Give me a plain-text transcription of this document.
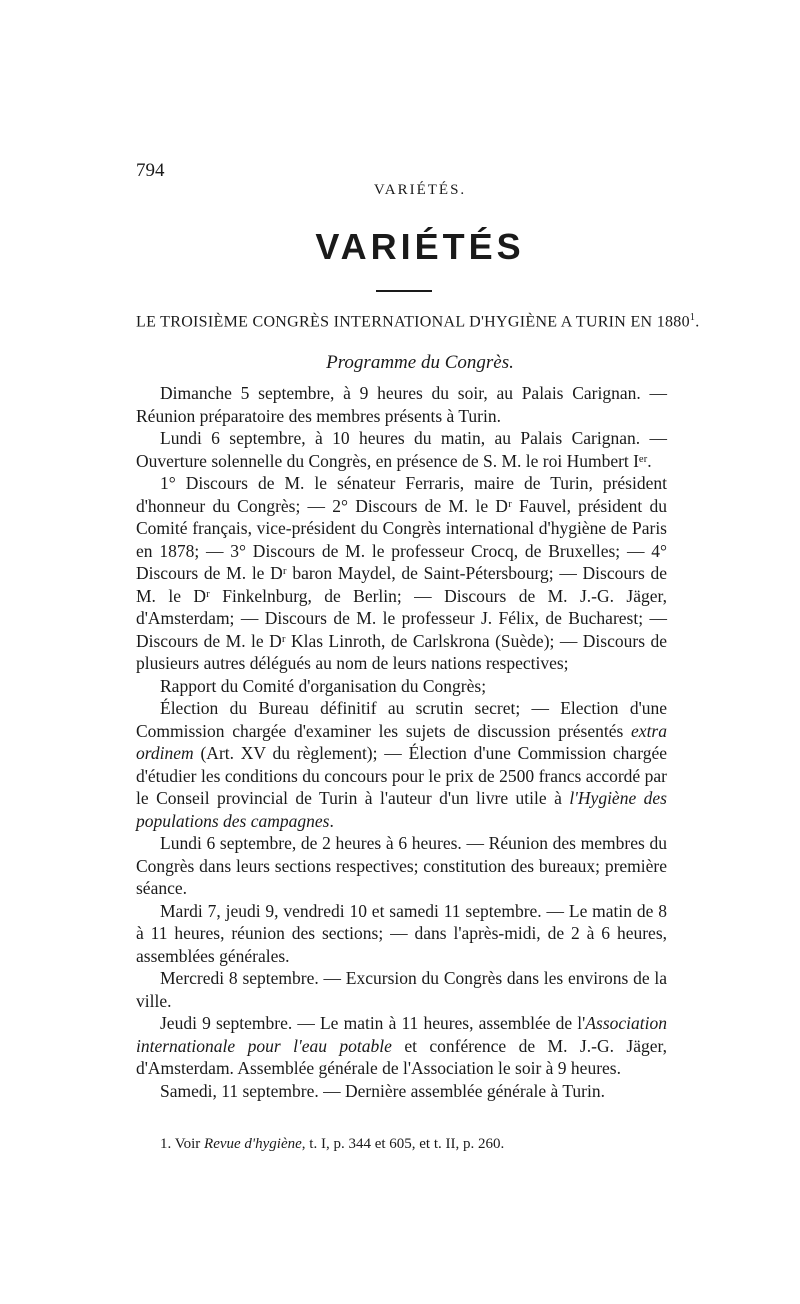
794
VARIÉTÉS.
VARIÉTÉS
LE TROISIÈME CONGRÈS INTERNATIONAL D'HYGIÈNE A TURIN EN 1880$^1$.
Programme du Congrès.

Dimanche 5 septembre, à 9 heures du soir, au Palais Carignan. — Réunion préparatoire des membres présents à Turin.

Lundi 6 septembre, à 10 heures du matin, au Palais Carignan. — Ouverture solennelle du Congrès, en présence de S. M. le roi Humbert Iᵉʳ.

1° Discours de M. le sénateur Ferraris, maire de Turin, président d'honneur du Congrès; — 2° Discours de M. le Dʳ Fauvel, président du Comité français, vice-président du Congrès international d'hygiène de Paris en 1878; — 3° Discours de M. le professeur Crocq, de Bruxelles; — 4° Discours de M. le Dʳ baron Maydel, de Saint-Pétersbourg; — Discours de M. le Dʳ Finkelnburg, de Berlin; — Discours de M. J.-G. Jäger, d'Amsterdam; — Discours de M. le professeur J. Félix, de Bucharest; — Discours de M. le Dʳ Klas Linroth, de Carlskrona (Suède); — Discours de plusieurs autres délégués au nom de leurs nations respectives;

Rapport du Comité d'organisation du Congrès;

Élection du Bureau définitif au scrutin secret; — Election d'une Commission chargée d'examiner les sujets de discussion présentés extra ordinem (Art. XV du règlement); — Élection d'une Commission chargée d'étudier les conditions du concours pour le prix de 2500 francs accordé par le Conseil provincial de Turin à l'auteur d'un livre utile à l'Hygiène des populations des campagnes.

Lundi 6 septembre, de 2 heures à 6 heures. — Réunion des membres du Congrès dans leurs sections respectives; constitution des bureaux; première séance.

Mardi 7, jeudi 9, vendredi 10 et samedi 11 septembre. — Le matin de 8 à 11 heures, réunion des sections; — dans l'après-midi, de 2 à 6 heures, assemblées générales.

Mercredi 8 septembre. — Excursion du Congrès dans les environs de la ville.

Jeudi 9 septembre. — Le matin à 11 heures, assemblée de l'Association internationale pour l'eau potable et conférence de M. J.-G. Jäger, d'Amsterdam. Assemblée générale de l'Association le soir à 9 heures.

Samedi, 11 septembre. — Dernière assemblée générale à Turin.

1. Voir Revue d'hygiène, t. I, p. 344 et 605, et t. II, p. 260.
